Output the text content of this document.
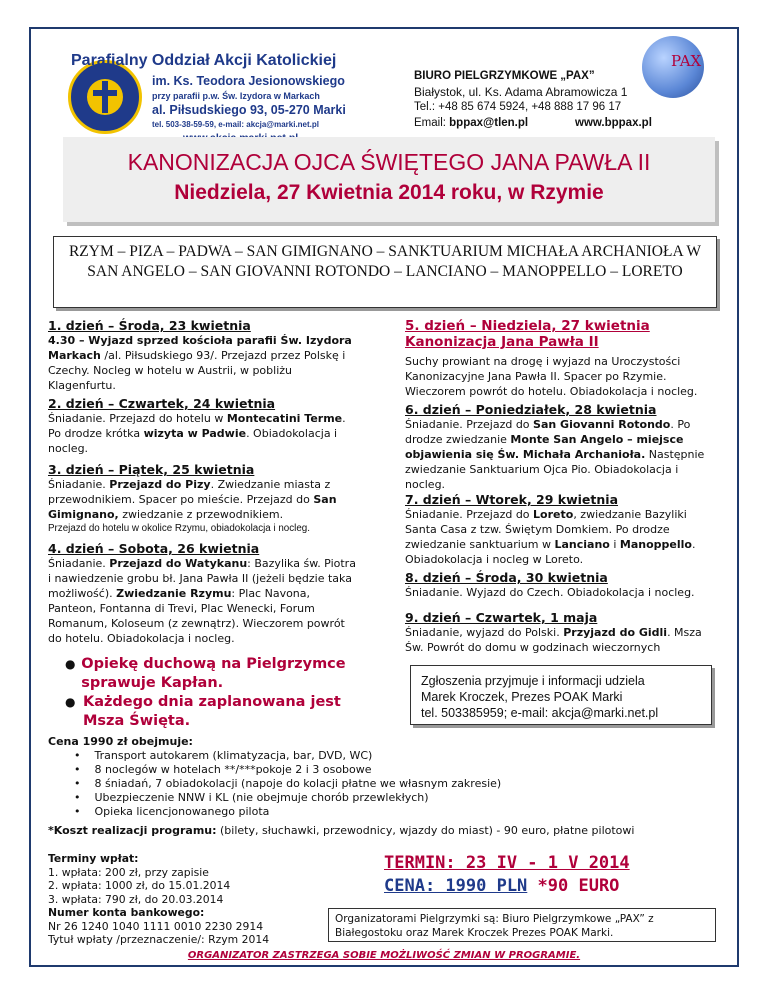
Parafialny Oddział Akcji Katolickiej
im. Ks. Teodora Jesionowskiego
przy parafii p.w. Św. Izydora w Markach
al. Piłsudskiego 93, 05-270 Marki
tel. 503-38-59-59, e-mail: akcja@marki.net.pl
PAX
BIURO PIELGRZYMKOWE „PAX”
Białystok, ul. Ks. Adama Abramowicza 1
Tel.: +48 85 674 5924, +48 888 17 96 17
Email: bppax@tlen.pl	www.bppax.pl
KANONIZACJA OJCA ŚWIĘTEGO JANA PAWŁA II
Niedziela, 27 Kwietnia 2014 roku, w Rzymie
RZYM – PIZA – PADWA – SAN GIMIGNANO – SANKTUARIUM MICHAŁA ARCHANIOŁA W SAN ANGELO – SAN GIOVANNI ROTONDO – LANCIANO – MANOPPELLO – LORETO
1. dzień – Środa, 23 kwietnia
4.30 – Wyjazd sprzed kościoła parafii Św. Izydora Markach /al. Piłsudskiego 93/. Przejazd przez Polskę i Czechy. Nocleg w hotelu w Austrii, w pobliżu Klagenfurtu.
2. dzień – Czwartek, 24 kwietnia
Śniadanie. Przejazd do hotelu w Montecatini Terme. Po drodze krótka wizyta w Padwie. Obiadokolacja i nocleg.
3. dzień – Piątek, 25 kwietnia
Śniadanie. Przejazd do Pizy. Zwiedzanie miasta z przewodnikiem. Spacer po mieście. Przejazd do San Gimignano, zwiedzanie z przewodnikiem.
Przejazd do hotelu w okolice Rzymu, obiadokolacja i nocleg.
4. dzień – Sobota, 26 kwietnia
Śniadanie. Przejazd do Watykanu: Bazylika św. Piotra i nawiedzenie grobu bł. Jana Pawła II (jeżeli będzie taka możliwość). Zwiedzanie Rzymu: Plac Navona, Panteon, Fontanna di Trevi, Plac Wenecki, Forum Romanum, Koloseum (z zewnątrz). Wieczorem powrót do hotelu. Obiadokolacja i nocleg.
5. dzień – Niedziela, 27 kwietnia
Kanonizacja Jana Pawła II
Suchy prowiant na drogę i wyjazd na Uroczystości Kanonizacyjne Jana Pawła II. Spacer po Rzymie. Wieczorem powrót do hotelu. Obiadokolacja i nocleg.
6. dzień – Poniedziałek, 28 kwietnia
Śniadanie. Przejazd do San Giovanni Rotondo. Po drodze zwiedzanie Monte San Angelo – miejsce objawienia się Św. Michała Archanioła. Następnie zwiedzanie Sanktuarium Ojca Pio. Obiadokolacja i nocleg.
7. dzień – Wtorek, 29 kwietnia
Śniadanie. Przejazd do Loreto, zwiedzanie Bazyliki Santa Casa z tzw. Świętym Domkiem. Po drodze zwiedzanie sanktuarium w Lanciano i Manoppello. Obiadokolacja i nocleg w Loreto.
8. dzień – Środa, 30 kwietnia
Śniadanie. Wyjazd do Czech. Obiadokolacja i nocleg.
9. dzień – Czwartek, 1 maja
Śniadanie, wyjazd do Polski. Przyjazd do Gidli. Msza Św. Powrót do domu w godzinach wieczornych
● Opiekę duchową na Pielgrzymce sprawuje Kapłan.
● Każdego dnia zaplanowana jest Msza Święta.
Zgłoszenia przyjmuje i informacji udziela
Marek Kroczek, Prezes POAK Marki
tel. 503385959; e-mail: akcja@marki.net.pl
Cena 1990 zł obejmuje:
• Transport autokarem (klimatyzacja, bar, DVD, WC)
• 8 noclegów w hotelach **/***pokoje 2 i 3 osobowe
• 8 śniadań, 7 obiadokolacji (napoje do kolacji płatne we własnym zakresie)
• Ubezpieczenie NNW i KL (nie obejmuje chorób przewlekłych)
• Opieka licencjonowanego pilota
*Koszt realizacji programu: (bilety, słuchawki, przewodnicy, wjazdy do miast) - 90 euro, płatne pilotowi
Terminy wpłat:
1. wpłata: 200 zł, przy zapisie
2. wpłata: 1000 zł, do 15.01.2014
3. wpłata: 790 zł, do 20.03.2014
Numer konta bankowego:
Nr 26 1240 1040 1111 0010 2230 2914
Tytuł wpłaty /przeznaczenie/: Rzym 2014
TERMIN: 23 IV - 1 V 2014
CENA: 1990 PLN *90 EURO
Organizatorami Pielgrzymki są: Biuro Pielgrzymkowe „PAX” z Białegostoku oraz Marek Kroczek Prezes POAK Marki.
ORGANIZATOR ZASTRZEGA SOBIE MOŻLIWOŚĆ ZMIAN W PROGRAMIE.
